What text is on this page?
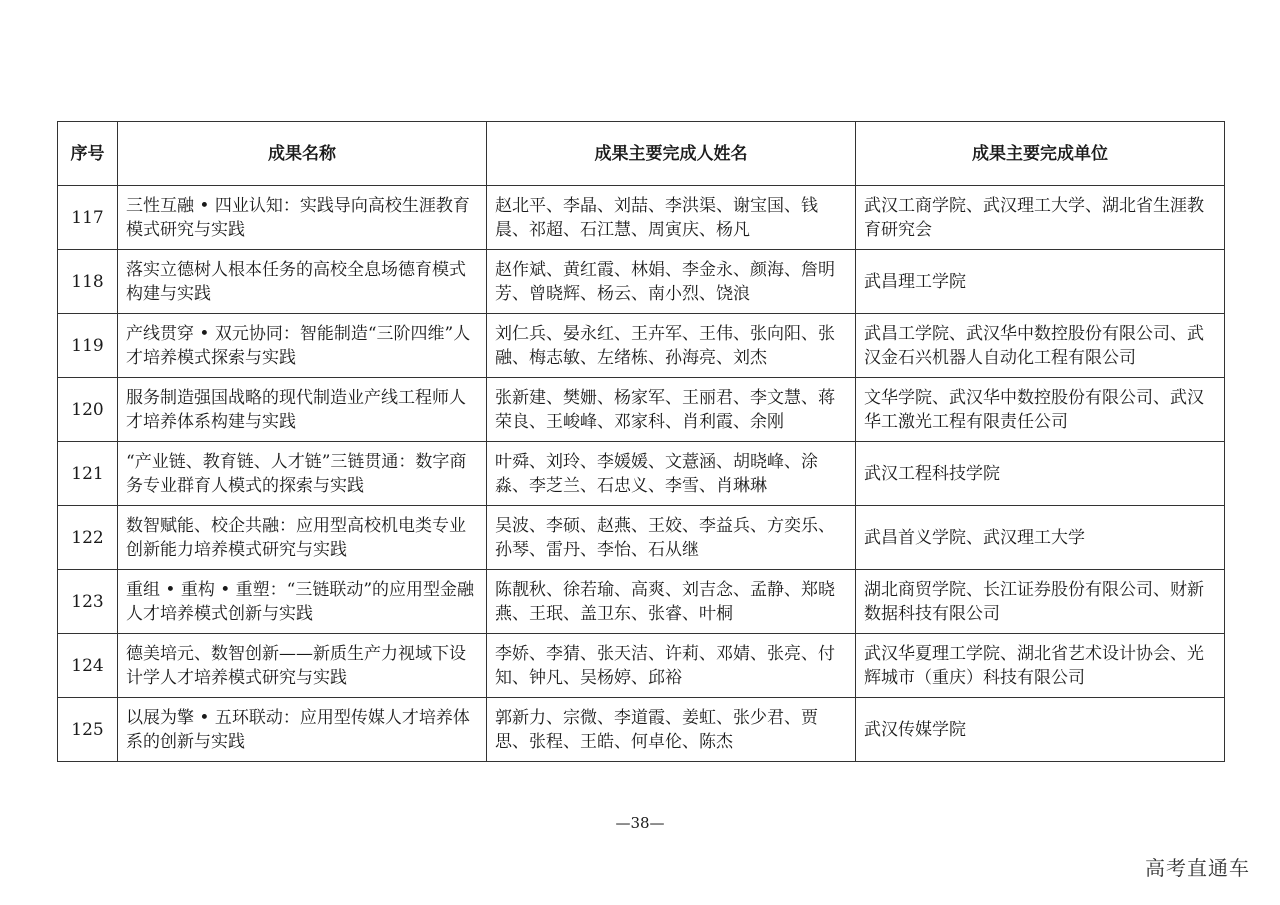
序号	成果名称	成果主要完成人姓名	成果主要完成单位
117	三性互融 • 四业认知：实践导向高校生涯教育模式研究与实践	赵北平、李晶、刘喆、李洪渠、谢宝国、钱晨、祁超、石江慧、周寅庆、杨凡	武汉工商学院、武汉理工大学、湖北省生涯教育研究会
118	落实立德树人根本任务的高校全息场德育模式构建与实践	赵作斌、黄红霞、林娟、李金永、颜海、詹明芳、曾晓辉、杨云、南小烈、饶浪	武昌理工学院
119	产线贯穿 • 双元协同：智能制造“三阶四维”人才培养模式探索与实践	刘仁兵、晏永红、王卉军、王伟、张向阳、张融、梅志敏、左绪栋、孙海亮、刘杰	武昌工学院、武汉华中数控股份有限公司、武汉金石兴机器人自动化工程有限公司
120	服务制造强国战略的现代制造业产线工程师人才培养体系构建与实践	张新建、樊姗、杨家军、王丽君、李文慧、蒋荣良、王峻峰、邓家科、肖利霞、余刚	文华学院、武汉华中数控股份有限公司、武汉华工激光工程有限责任公司
121	“产业链、教育链、人才链”三链贯通：数字商务专业群育人模式的探索与实践	叶舜、刘玲、李媛媛、文薏涵、胡晓峰、涂淼、李芝兰、石忠义、李雪、肖琳琳	武汉工程科技学院
122	数智赋能、校企共融：应用型高校机电类专业创新能力培养模式研究与实践	吴波、李硕、赵燕、王姣、李益兵、方奕乐、孙琴、雷丹、李怡、石从继	武昌首义学院、武汉理工大学
123	重组 • 重构 • 重塑：“三链联动”的应用型金融人才培养模式创新与实践	陈靓秋、徐若瑜、高爽、刘吉念、孟静、郑晓燕、王珉、盖卫东、张睿、叶桐	湖北商贸学院、长江证券股份有限公司、财新数据科技有限公司
124	德美培元、数智创新——新质生产力视域下设计学人才培养模式研究与实践	李娇、李猜、张天洁、许莉、邓婧、张亮、付知、钟凡、吴杨婷、邱裕	武汉华夏理工学院、湖北省艺术设计协会、光辉城市（重庆）科技有限公司
125	以展为擎 • 五环联动：应用型传媒人才培养体系的创新与实践	郭新力、宗微、李道霞、姜虹、张少君、贾思、张程、王皓、何卓伦、陈杰	武汉传媒学院
—38—
高考直通车
